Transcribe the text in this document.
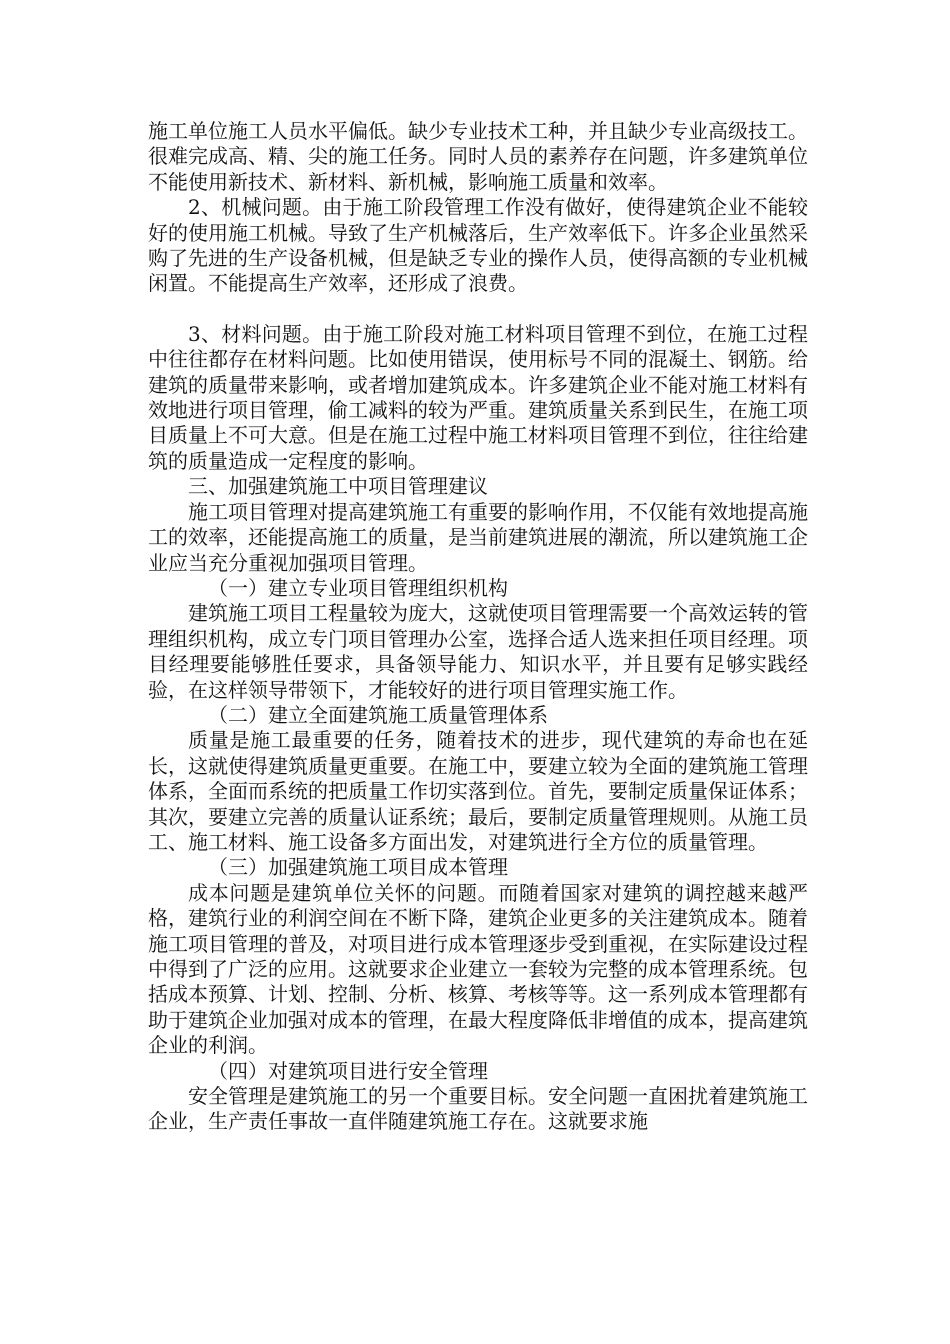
施工单位施工人员水平偏低。缺少专业技术工种，并且缺少专业高级技工。很难完成高、精、尖的施工任务。同时人员的素养存在问题，许多建筑单位不能使用新技术、新材料、新机械，影响施工质量和效率。

2、机械问题。由于施工阶段管理工作没有做好，使得建筑企业不能较好的使用施工机械。导致了生产机械落后，生产效率低下。许多企业虽然采购了先进的生产设备机械，但是缺乏专业的操作人员，使得高额的专业机械闲置。不能提高生产效率，还形成了浪费。

3、材料问题。由于施工阶段对施工材料项目管理不到位，在施工过程中往往都存在材料问题。比如使用错误，使用标号不同的混凝土、钢筋。给建筑的质量带来影响，或者增加建筑成本。许多建筑企业不能对施工材料有效地进行项目管理，偷工减料的较为严重。建筑质量关系到民生，在施工项目质量上不可大意。但是在施工过程中施工材料项目管理不到位，往往给建筑的质量造成一定程度的影响。

三、加强建筑施工中项目管理建议

施工项目管理对提高建筑施工有重要的影响作用，不仅能有效地提高施工的效率，还能提高施工的质量，是当前建筑进展的潮流，所以建筑施工企业应当充分重视加强项目管理。

（一）建立专业项目管理组织机构

建筑施工项目工程量较为庞大，这就使项目管理需要一个高效运转的管理组织机构，成立专门项目管理办公室，选择合适人选来担任项目经理。项目经理要能够胜任要求，具备领导能力、知识水平，并且要有足够实践经验，在这样领导带领下，才能较好的进行项目管理实施工作。

（二）建立全面建筑施工质量管理体系

质量是施工最重要的任务，随着技术的进步，现代建筑的寿命也在延长，这就使得建筑质量更重要。在施工中，要建立较为全面的建筑施工管理体系，全面而系统的把质量工作切实落到位。首先，要制定质量保证体系；其次，要建立完善的质量认证系统；最后，要制定质量管理规则。从施工员工、施工材料、施工设备多方面出发，对建筑进行全方位的质量管理。

（三）加强建筑施工项目成本管理

成本问题是建筑单位关怀的问题。而随着国家对建筑的调控越来越严格，建筑行业的利润空间在不断下降，建筑企业更多的关注建筑成本。随着施工项目管理的普及，对项目进行成本管理逐步受到重视，在实际建设过程中得到了广泛的应用。这就要求企业建立一套较为完整的成本管理系统。包括成本预算、计划、控制、分析、核算、考核等等。这一系列成本管理都有助于建筑企业加强对成本的管理，在最大程度降低非增值的成本，提高建筑企业的利润。

（四）对建筑项目进行安全管理

安全管理是建筑施工的另一个重要目标。安全问题一直困扰着建筑施工企业，生产责任事故一直伴随建筑施工存在。这就要求施
